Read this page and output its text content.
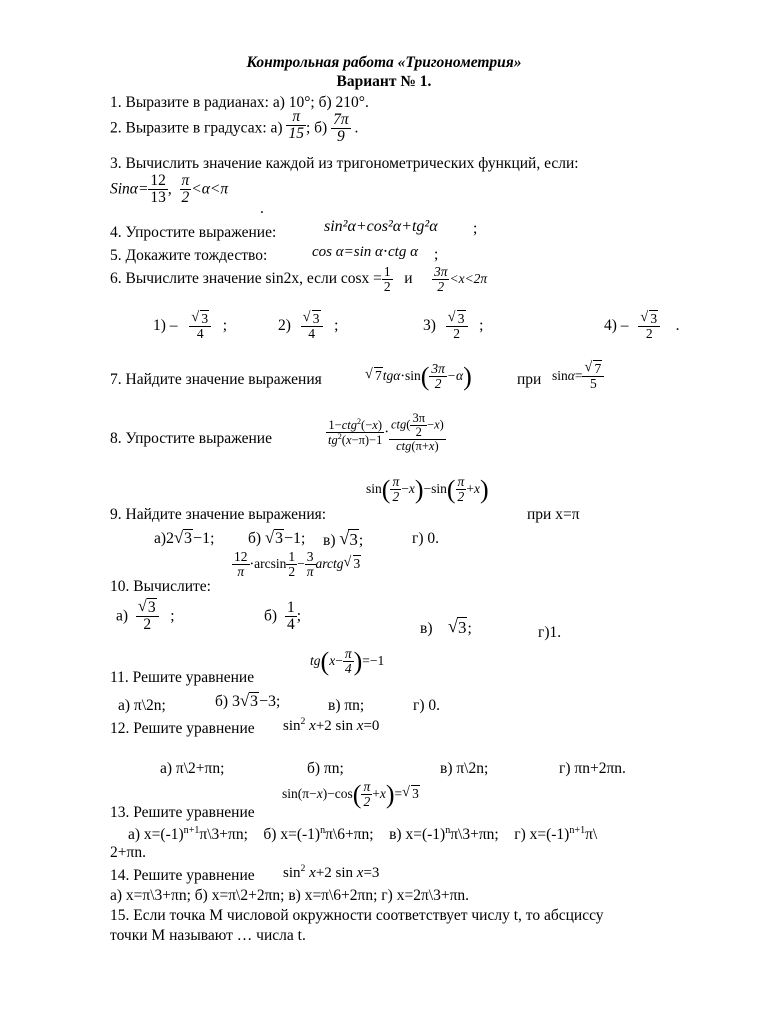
Контрольная работа «Тригонометрия»
Вариант № 1.
1. Выразите в радианах: а) 10°; б) 210°.
2. Выразите в градусах: $а) \frac{\pi}{15}$ ; $б) \frac{7\pi}{9}$ .
3. Вычислить значение каждой из тригонометрических функций, если:
$Sin\alpha= \frac{12}{13}$ , $\frac{\pi}{2} <\alpha<\pi$
.
4. Упростите выражение:	sin²α+cos²α+tg²α ;
5. Докажите тождество:	cos α=sin α⋅ctg α ;
6. Вычислите значение sin2x, если $\cos x = \frac{1}{2}$ и $\frac{3\pi}{2} <x<2\pi$
1) –
√ $\frac{3}{4}$ ;	2)
√ $\frac{3}{4}$ ;	3)
√ $\frac{3}{2}$ ;	4) –
√ $\frac{3}{2}$ .
7. Найдите значение выражения
√	$7tg\alpha\cdot\sin( \frac{3\pi}{2} -\alpha)$	при sinα=
√ $\frac{7}{5}$
8. Упростите выражение
1−ctg$^2$(−x)
$tg^2(x-\pi)-1$
⋅ $ctg( \frac{3\pi}{2} -x)$
ctg(π+x)
$\sin( \frac{\pi}{2} -x)-\sin( \frac{\pi}{2} +x)$
9. Найдите значение выражения:	при x=π
а)2√ 3−1; б) √ 3−1; в) √ 3;	г) 0.
$\frac{12}{\pi} \cdot\arcsin \frac{1}{2} - \frac{3}{\pi}$ arctg√ 3
10. Вычислите:
а)
√ $\frac{3}{2}$ ;	$б) \frac{1}{4}$ ;
в)    √ 3;	г)1.
$tg(x- \frac{\pi}{4} )=-1$
11. Решите уравнение
а) π\2n;	б) 3√ 3−3;	в) πn;	г) 0.
12. Решите уравнение $\sin^2 x+2$ sin x=0
а) π\2+πn;	б) πn;	в) π\2n;	г) πn+2πn.
$\sin(\pi-x)-\cos( \frac{\pi}{2} +x)=√$ 3
13. Решите уравнение
а) $x=(-1)^{n+1}\pi\backslash 3+\pi n$;    б) $x=(-1)^n\pi\backslash 6+\pi n$;    в) $x=(-1)^n\pi\backslash 3+\pi n$;    г) $x=(-1)^{n+1}\pi\backslash$
2+πn.
14. Решите уравнение $\sin^2 x+2$ sin x=3
а) x=π\3+πn; б) x=π\2+2πn; в) x=π\6+2πn; г) x=2π\3+πn.
15. Если точка М числовой окружности соответствует числу t, то абсциссу
точки М называют … числа t.
